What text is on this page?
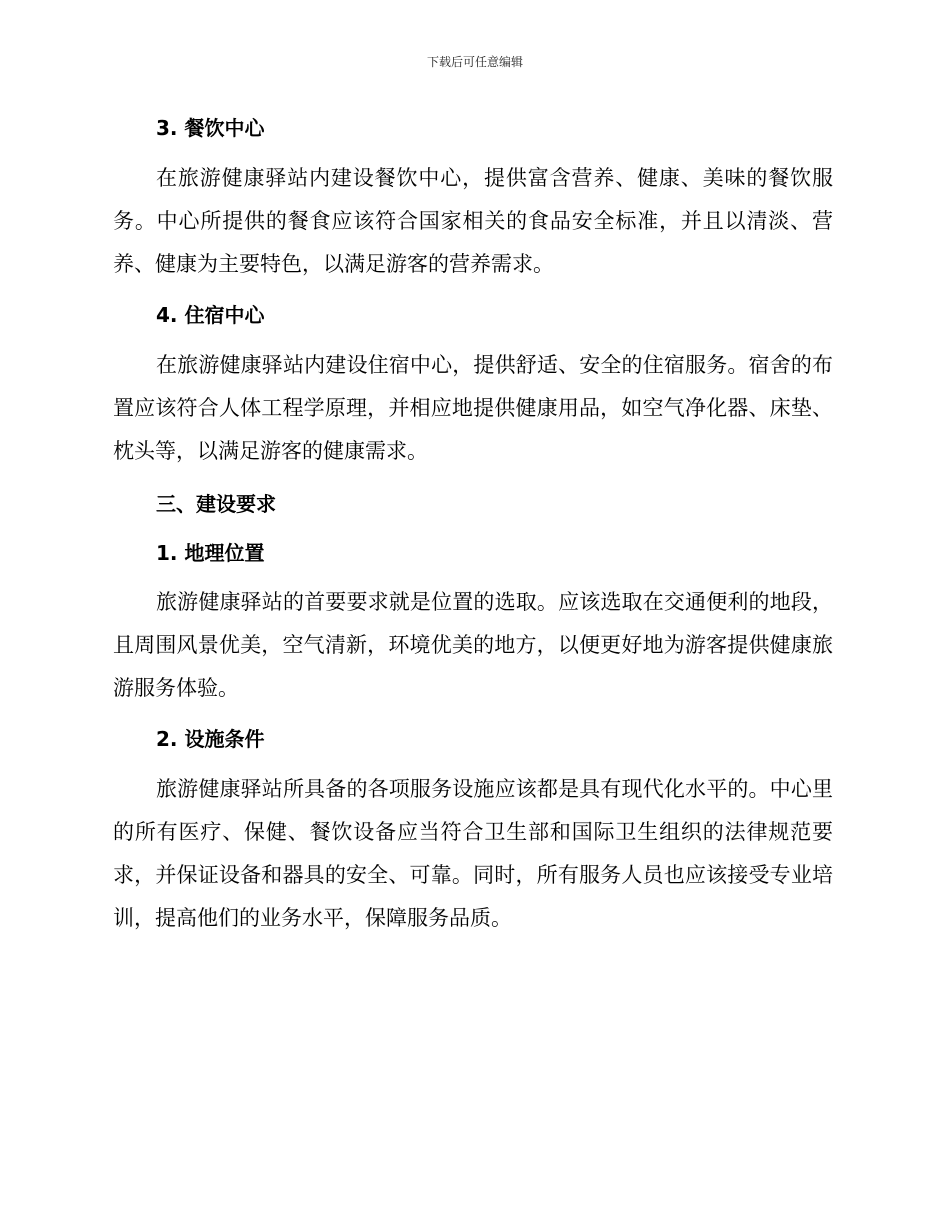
下载后可任意编辑
3. 餐饮中心

在旅游健康驿站内建设餐饮中心，提供富含营养、健康、美味的餐饮服务。中心所提供的餐食应该符合国家相关的食品安全标准，并且以清淡、营养、健康为主要特色，以满足游客的营养需求。

4. 住宿中心

在旅游健康驿站内建设住宿中心，提供舒适、安全的住宿服务。宿舍的布置应该符合人体工程学原理，并相应地提供健康用品，如空气净化器、床垫、枕头等，以满足游客的健康需求。

三、建设要求
1. 地理位置

旅游健康驿站的首要要求就是位置的选取。应该选取在交通便利的地段，且周围风景优美，空气清新，环境优美的地方，以便更好地为游客提供健康旅游服务体验。

2. 设施条件

旅游健康驿站所具备的各项服务设施应该都是具有现代化水平的。中心里的所有医疗、保健、餐饮设备应当符合卫生部和国际卫生组织的法律规范要求，并保证设备和器具的安全、可靠。同时，所有服务人员也应该接受专业培训，提高他们的业务水平，保障服务品质。
